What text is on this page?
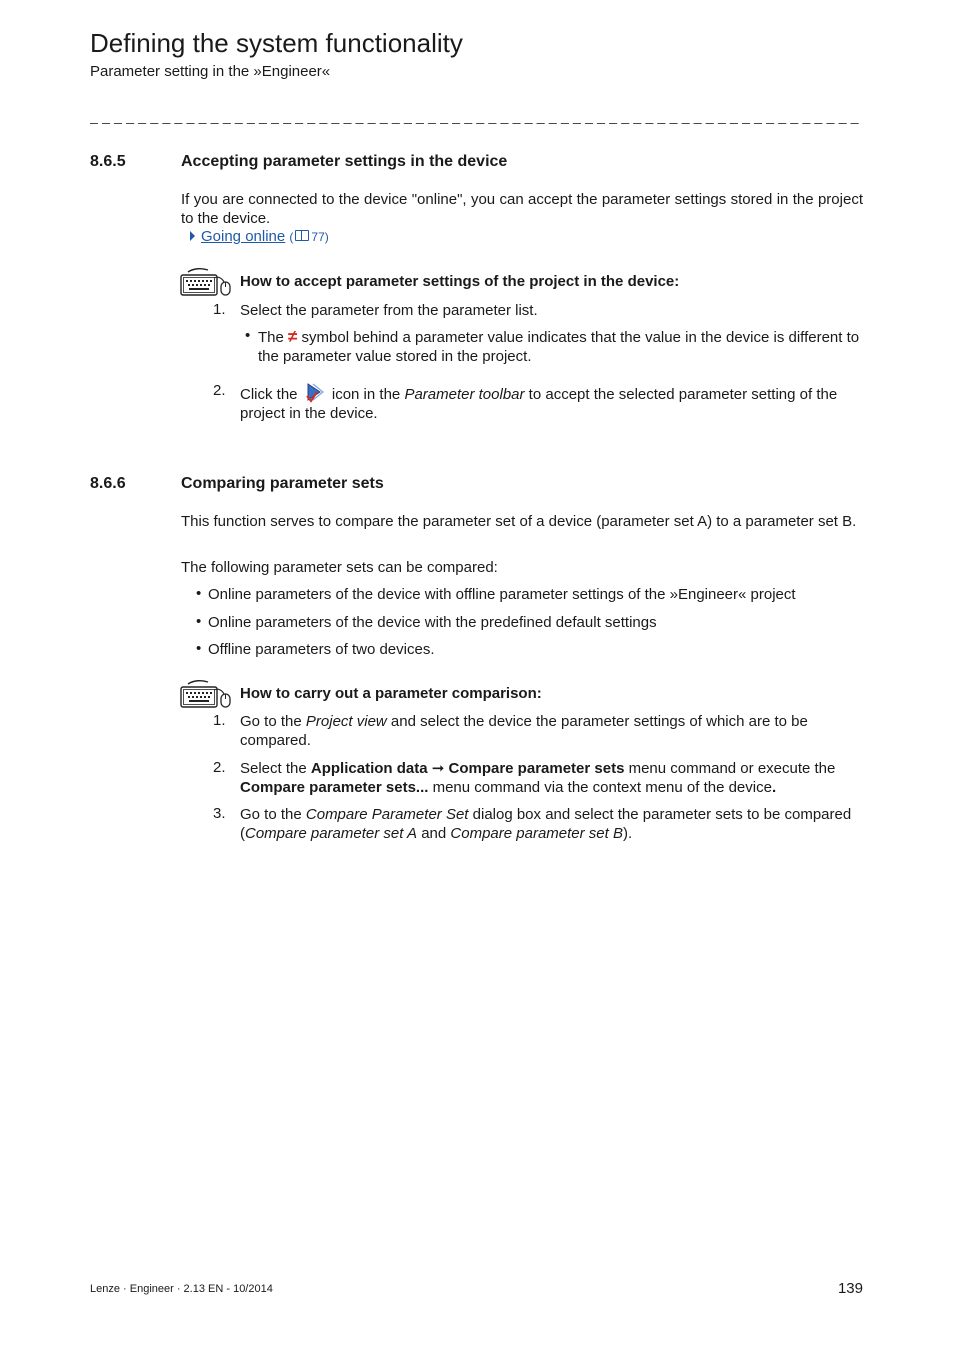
Defining the system functionality
Parameter setting in the »Engineer«
_ _ _ _ _ _ _ _ _ _ _ _ _ _ _ _ _ _ _ _ _ _ _ _ _ _ _ _ _ _ _ _ _ _ _ _ _ _ _ _ _ _ _ _ _ _ _ _ _ _ _ _ _ _ _ _ _ _ _ _ _ _ _ _
8.6.5	Accepting parameter settings in the device
If you are connected to the device "online", you can accept the parameter settings stored in the project to the device.
Going online ( 77)
How to accept parameter settings of the project in the device:
1. Select the parameter from the parameter list.
• The ≠ symbol behind a parameter value indicates that the value in the device is different to the parameter value stored in the project.
2. Click the icon in the Parameter toolbar to accept the selected parameter setting of the project in the device.
8.6.6	Comparing parameter sets
This function serves to compare the parameter set of a device (parameter set A) to a parameter set B.
The following parameter sets can be compared:
• Online parameters of the device with offline parameter settings of the »Engineer« project
• Online parameters of the device with the predefined default settings
• Offline parameters of two devices.
How to carry out a parameter comparison:
1. Go to the Project view and select the device the parameter settings of which are to be compared.
2. Select the Application data ➞ Compare parameter sets menu command or execute the Compare parameter sets... menu command via the context menu of the device.
3. Go to the Compare Parameter Set dialog box and select the parameter sets to be compared (Compare parameter set A and Compare parameter set B).
Lenze · Engineer · 2.13 EN - 10/2014	139
